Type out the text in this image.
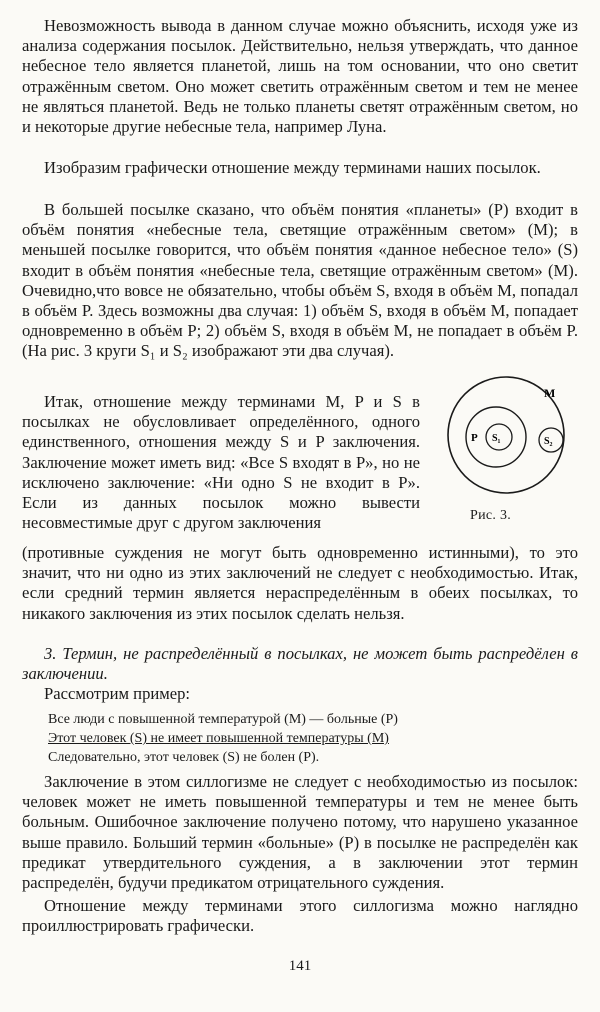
Невозможность вывода в данном случае можно объяснить, исходя уже из анализа содержания посылок. Действительно, нельзя утверждать, что данное небесное тело является планетой, лишь на том основании, что оно светит отражённым светом. Оно может светить отражённым светом и тем не менее не являться планетой. Ведь не только планеты светят отражённым светом, но и некоторые другие небесные тела, например Луна.

Изобразим графически отношение между терминами наших посылок.

В большей посылке сказано, что объём понятия «планеты» (P) входит в объём понятия «небесные тела, светящие отражённым светом» (M); в меньшей посылке говорится, что объём понятия «данное небесное тело» (S) входит в объём понятия «небесные тела, светящие отражённым светом» (M). Очевидно,что вовсе не обязательно, чтобы объём S, входя в объём M, попадал в объём P. Здесь возможны два случая: 1) объём S, входя в объём M, попадает одновременно в объём P; 2) объём S, входя в объём M, не попадает в объём P. (На рис. 3 круги S₁ и S₂ изображают эти два случая).

Итак, отношение между терминами M, P и S в посылках не обусловливает определённого, одного единственного, отношения между S и P заключения. Заключение может иметь вид: «Все S входят в P», но не исключено заключение: «Ни одно S не входит в P». Если из данных посылок можно вывести несовместимые друг с другом заключения

M
P S₁	S₂
Рис. 3.

(противные суждения не могут быть одновременно истинными), то это значит, что ни одно из этих заключений не следует с необходимостью. Итак, если средний термин является нераспределённым в обеих посылках, то никакого заключения из этих посылок сделать нельзя.

3. Термин, не распределённый в посылках, не может быть распредёлен в заключении.

Рассмотрим пример:

Все люди с повышенной температурой (M) — больные (P)
Этот человек (S) не имеет повышенной температуры (M)
Следовательно, этот человек (S) не болен (P).

Заключение в этом силлогизме не следует с необходимостью из посылок: человек может не иметь повышенной температуры и тем не менее быть больным. Ошибочное заключение получено потому, что нарушено указанное выше правило. Больший термин «больные» (P) в посылке не распределён как предикат утвердительного суждения, а в заключении этот термин распределён, будучи предикатом отрицательного суждения.

Отношение между терминами этого силлогизма можно наглядно проиллюстрировать графически.

141
